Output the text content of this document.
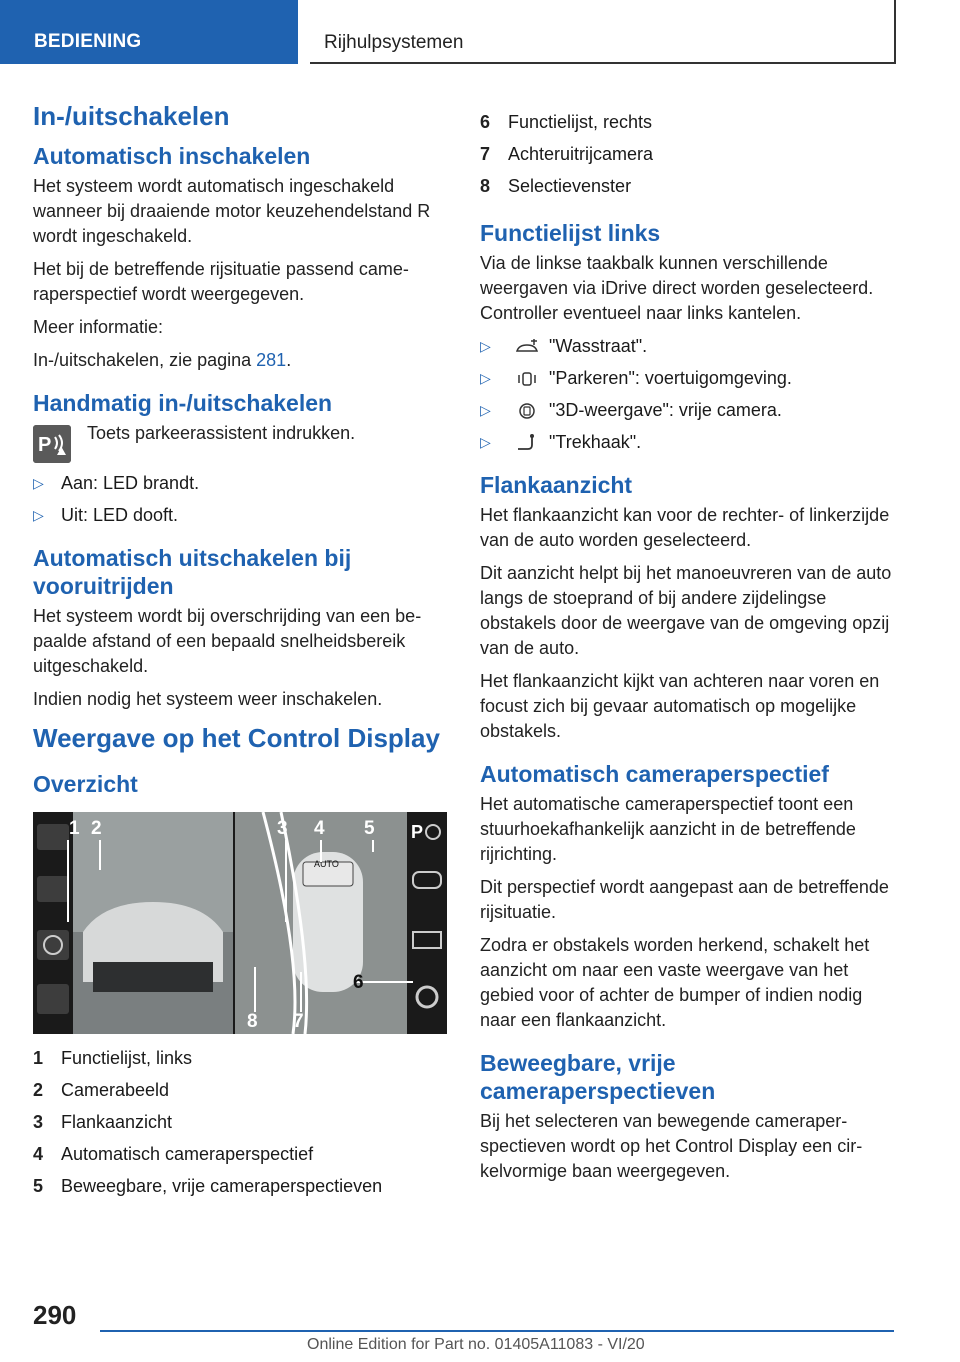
BEDIENING	Rijhulpsystemen
In-/uitschakelen
Automatisch inschakelen

Het systeem wordt automatisch ingeschakeld wanneer bij draaiende motor keuzehendelstand R wordt ingeschakeld.

Het bij de betreffende rijsituatie passend cameraperspectief wordt weergegeven.

Meer informatie:

In-/uitschakelen, zie pagina 281.

Handmatig in-/uitschakelen
P

Toets parkeerassistent indrukken.

▷ Aan: LED brandt.
▷ Uit: LED dooft.
Automatisch uitschakelen bij vooruitrijden

Het systeem wordt bij overschrijding van een bepaalde afstand of een bepaald snelheidsbereik uitgeschakeld.

Indien nodig het systeem weer inschakelen.

Weergave op het Control Display
Overzicht
AUTO
P
1 2	3 4 5
6
7
8
1 Functielijst, links
2 Camerabeeld
3 Flankaanzicht
4 Automatisch cameraperspectief
5 Beweegbare, vrije cameraperspectieven
6 Functielijst, rechts
7 Achteruitrijcamera
8 Selectievenster
Functielijst links

Via de linkse taakbalk kunnen verschillende weergaven via iDrive direct worden geselecteerd. Controller eventueel naar links kantelen.

▷	"Wasstraat".
▷	"Parkeren": voertuigomgeving.
▷	"3D-weergave": vrije camera.
▷	"Trekhaak".
Flankaanzicht

Het flankaanzicht kan voor de rechter- of linkerzijde van de auto worden geselecteerd.

Dit aanzicht helpt bij het manoeuvreren van de auto langs de stoeprand of bij andere zijdelingse obstakels door de weergave van de omgeving opzij van de auto.

Het flankaanzicht kijkt van achteren naar voren en focust zich bij gevaar automatisch op mogelijke obstakels.

Automatisch cameraperspectief

Het automatische cameraperspectief toont een stuurhoekafhankelijk aanzicht in de betreffende rijrichting.

Dit perspectief wordt aangepast aan de betreffende rijsituatie.

Zodra er obstakels worden herkend, schakelt het aanzicht om naar een vaste weergave van het gebied voor of achter de bumper of indien nodig naar een flankaanzicht.

Beweegbare, vrije cameraperspectieven

Bij het selecteren van bewegende cameraperspectieven wordt op het Control Display een cirkelvormige baan weergegeven.

290
Online Edition for Part no. 01405A11083 - VI/20
